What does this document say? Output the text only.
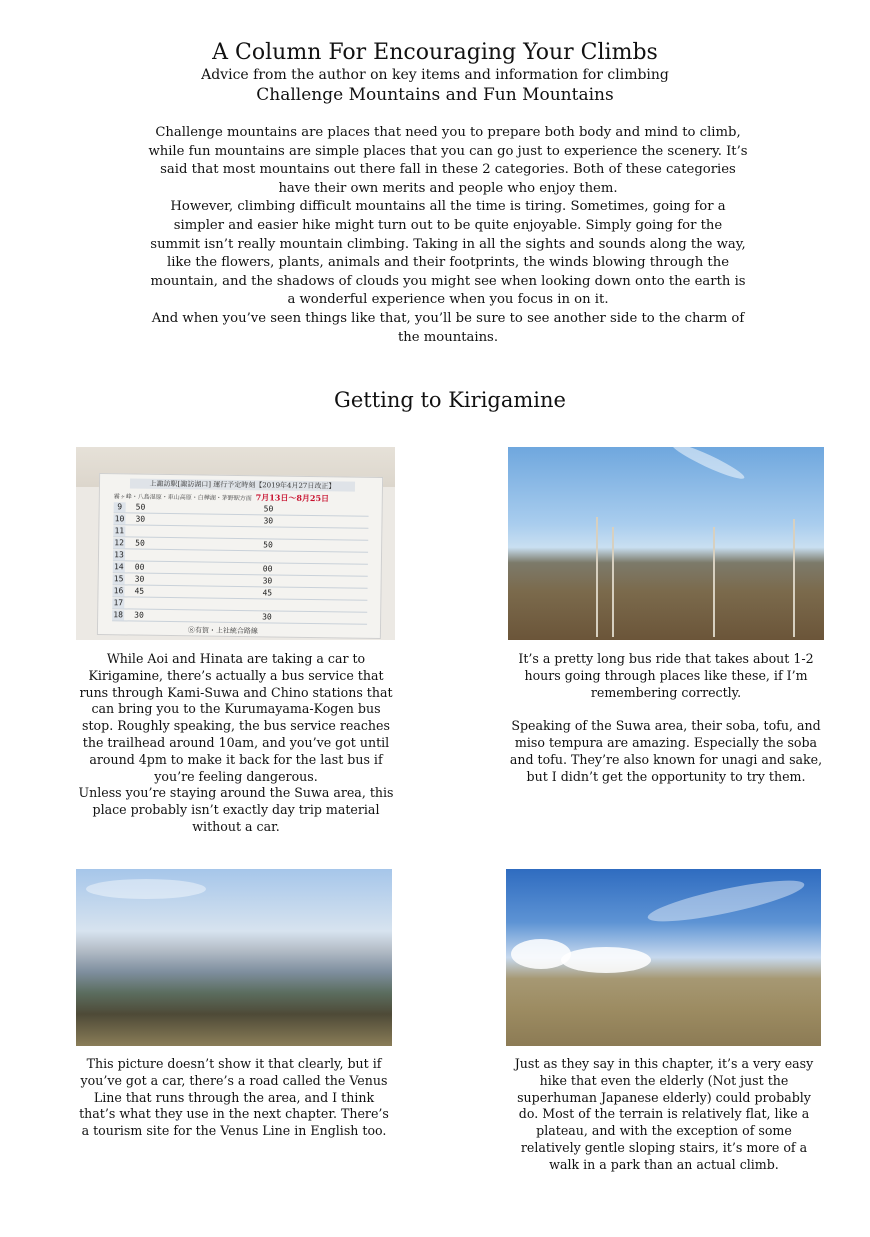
A Column For Encouraging Your Climbs
Advice from the author on key items and information for climbing
Challenge Mountains and Fun Mountains

Challenge mountains are places that need you to prepare both body and mind to climb, while fun mountains are simple places that you can go just to experience the scenery. It’s said that most mountains out there fall in these 2 categories. Both of these categories have their own merits and people who enjoy them.

However, climbing difficult mountains all the time is tiring. Sometimes, going for a simpler and easier hike might turn out to be quite enjoyable. Simply going for the summit isn’t really mountain climbing. Taking in all the sights and sounds along the way, like the flowers, plants, animals and their footprints, the winds blowing through the mountain, and the shadows of clouds you might see when looking down onto the earth is a wonderful experience when you focus in on it.

And when you’ve seen things like that, you’ll be sure to see another side to the charm of the mountains.

Getting to Kirigamine
上諏訪駅[諏訪湖口] 運行予定時刻【2019年4月27日改正】
霧ヶ峰・八島湿原・車山高原・白樺湖・茅野駅方面 7月13日～8月25日
9	50	50
10 30	30
11
12 50	50
13
14 00	00
15 30	30
16 45	45
17
18 30	30
⑧有賀・上社統合路線

While Aoi and Hinata are taking a car to Kirigamine, there’s actually a bus service that runs through Kami-Suwa and Chino stations that can bring you to the Kurumayama-Kogen bus stop. Roughly speaking, the bus service reaches the trailhead around 10am, and you’ve got until around 4pm to make it back for the last bus if you’re feeling dangerous.

Unless you’re staying around the Suwa area, this place probably isn’t exactly day trip material without a car.

It’s a pretty long bus ride that takes about 1-2 hours going through places like these, if I’m remembering correctly.

Speaking of the Suwa area, their soba, tofu, and miso tempura are amazing. Especially the soba and tofu. They’re also known for unagi and sake, but I didn’t get the opportunity to try them.

This picture doesn’t show it that clearly, but if you’ve got a car, there’s a road called the Venus Line that runs through the area, and I think that’s what they use in the next chapter. There’s a tourism site for the Venus Line in English too.

Just as they say in this chapter, it’s a very easy hike that even the elderly (Not just the superhuman Japanese elderly) could probably do. Most of the terrain is relatively flat, like a plateau, and with the exception of some relatively gentle sloping stairs, it’s more of a walk in a park than an actual climb.
